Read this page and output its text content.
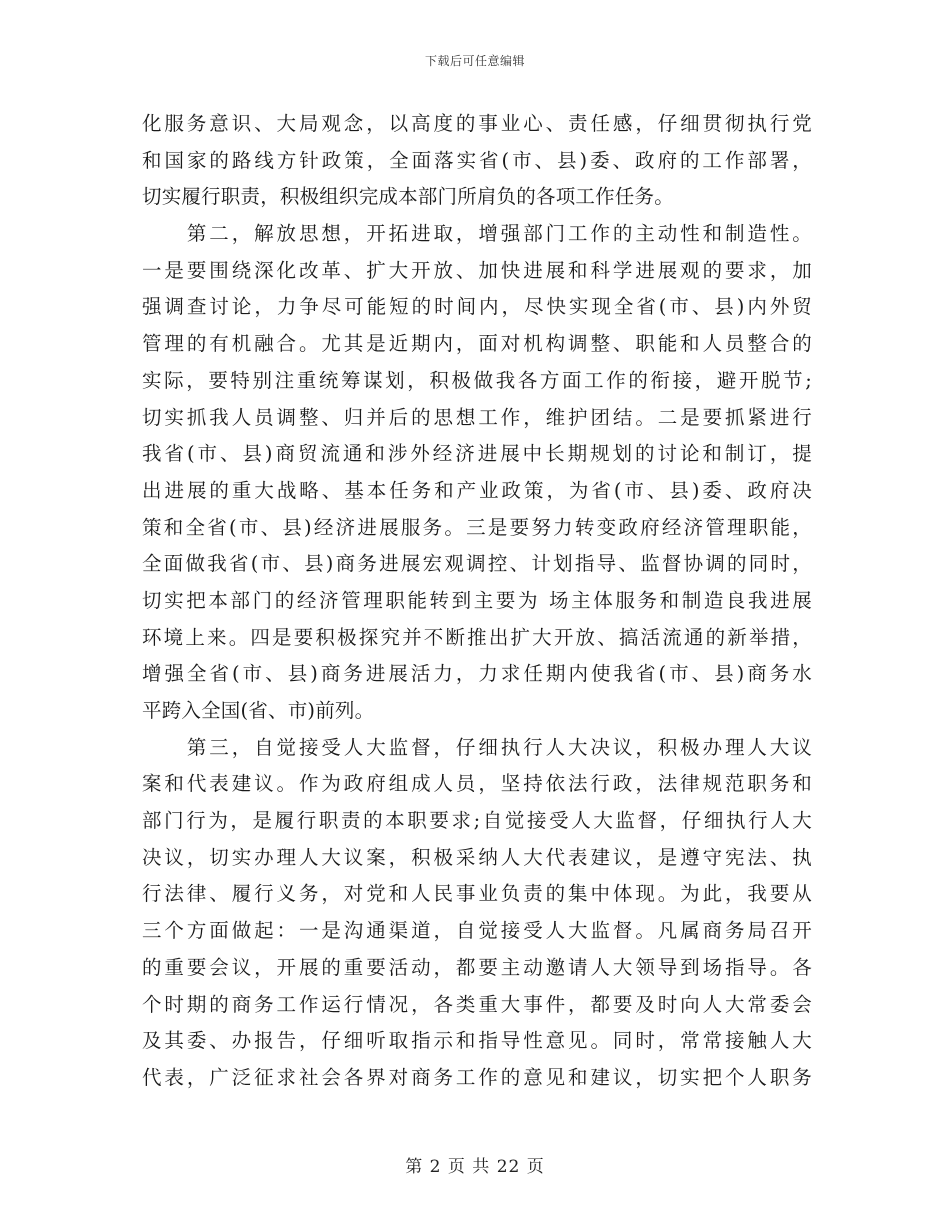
下载后可任意编辑
化服务意识、大局观念，以高度的事业心、责任感，仔细贯彻执行党
和国家的路线方针政策，全面落实省(市、县)委、政府的工作部署，
切实履行职责，积极组织完成本部门所肩负的各项工作任务。
　　第二，解放思想，开拓进取，增强部门工作的主动性和制造性。
一是要围绕深化改革、扩大开放、加快进展和科学进展观的要求，加
强调查讨论，力争尽可能短的时间内，尽快实现全省(市、县)内外贸
管理的有机融合。尤其是近期内，面对机构调整、职能和人员整合的
实际，要特别注重统筹谋划，积极做我各方面工作的衔接，避开脱节;
切实抓我人员调整、归并后的思想工作，维护团结。二是要抓紧进行
我省(市、县)商贸流通和涉外经济进展中长期规划的讨论和制订，提
出进展的重大战略、基本任务和产业政策，为省(市、县)委、政府决
策和全省(市、县)经济进展服务。三是要努力转变政府经济管理职能，
全面做我省(市、县)商务进展宏观调控、计划指导、监督协调的同时，
切实把本部门的经济管理职能转到主要为 场主体服务和制造良我进展
环境上来。四是要积极探究并不断推出扩大开放、搞活流通的新举措，
增强全省(市、县)商务进展活力，力求任期内使我省(市、县)商务水
平跨入全国(省、市)前列。
　　第三，自觉接受人大监督，仔细执行人大决议，积极办理人大议
案和代表建议。作为政府组成人员，坚持依法行政，法律规范职务和
部门行为，是履行职责的本职要求;自觉接受人大监督，仔细执行人大
决议，切实办理人大议案，积极采纳人大代表建议，是遵守宪法、执
行法律、履行义务，对党和人民事业负责的集中体现。为此，我要从
三个方面做起：一是沟通渠道，自觉接受人大监督。凡属商务局召开
的重要会议，开展的重要活动，都要主动邀请人大领导到场指导。各
个时期的商务工作运行情况，各类重大事件，都要及时向人大常委会
及其委、办报告，仔细听取指示和指导性意见。同时，常常接触人大
代表，广泛征求社会各界对商务工作的意见和建议，切实把个人职务
第 2 页 共 22 页
